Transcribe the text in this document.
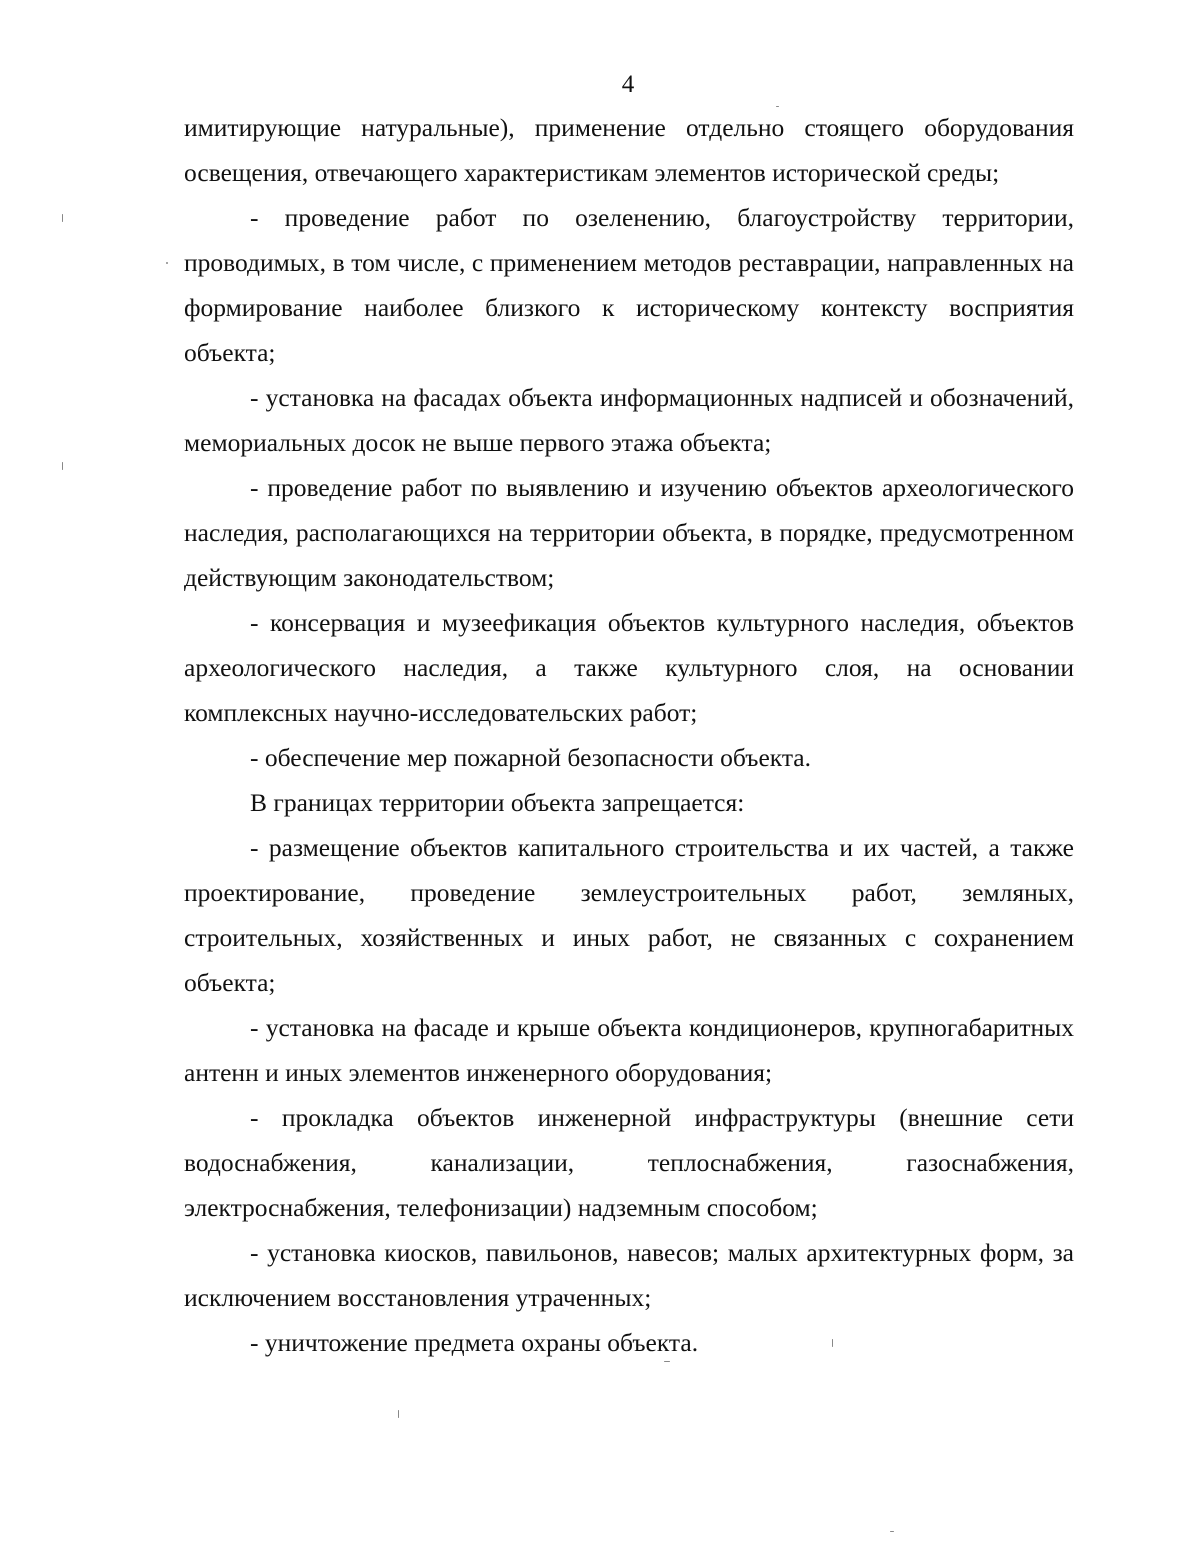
4

имитирующие натуральные), применение отдельно стоящего оборудования освещения, отвечающего характеристикам элементов исторической среды;

- проведение работ по озеленению, благоустройству территории, проводимых, в том числе, с применением методов реставрации, направленных на формирование наиболее близкого к историческому контексту восприятия объекта;

- установка на фасадах объекта информационных надписей и обозначений, мемориальных досок не выше первого этажа объекта;

- проведение работ по выявлению и изучению объектов археологического наследия, располагающихся на территории объекта, в порядке, предусмотренном действующим законодательством;

- консервация и музеефикация объектов культурного наследия, объектов археологического наследия, а также культурного слоя, на основании комплексных научно-исследовательских работ;

- обеспечение мер пожарной безопасности объекта.

В границах территории объекта запрещается:

- размещение объектов капитального строительства и их частей, а также проектирование, проведение землеустроительных работ, земляных, строительных, хозяйственных и иных работ, не связанных с сохранением объекта;

- установка на фасаде и крыше объекта кондиционеров, крупногабаритных антенн и иных элементов инженерного оборудования;

- прокладка объектов инженерной инфраструктуры (внешние сети водоснабжения, канализации, теплоснабжения, газоснабжения, электроснабжения, телефонизации) надземным способом;

- установка киосков, павильонов, навесов; малых архитектурных форм, за исключением восстановления утраченных;

- уничтожение предмета охраны объекта.
